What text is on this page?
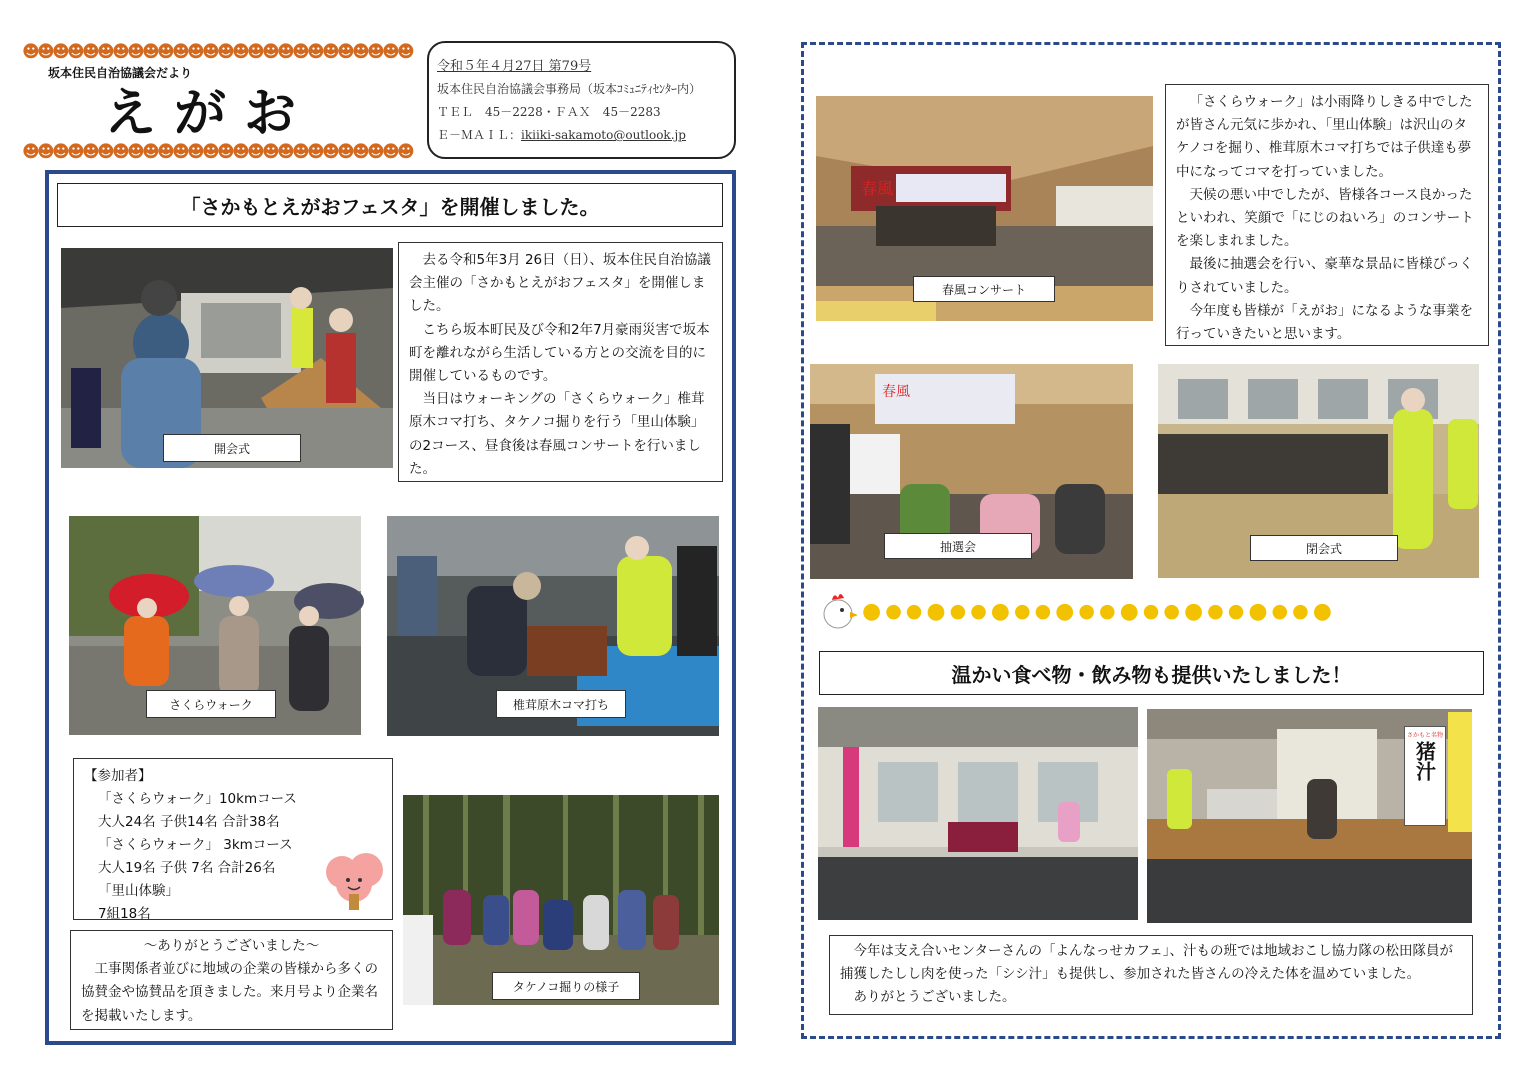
☻
☻
☻
☻
☻
☻
☻
☻
☻
☻
☻
☻
☻
☻
☻
☻
☻
☻
☻
☻
☻
☻
☻
☻
☻
☻
坂本住民自治協議会だより
えがお
☻
☻
☻
☻
☻
☻
☻
☻
☻
☻
☻
☻
☻
☻
☻
☻
☻
☻
☻
☻
☻
☻
☻
☻
☻
☻
令和５年４月27日 第79号
坂本住民自治協議会事務局（坂本ｺﾐｭﾆﾃｨｾﾝﾀｰ内）
ＴＥＬ　45－2228・ＦＡＸ　45－2283
Ｅ－ＭＡＩＬ：ikiiki-sakamoto@outlook.jp
「さかもとえがおフェスタ」を開催しました。
開会式

去る令和5年3月 26日（日）、坂本住民自治協議会主催の「さかもとえがおフェスタ」を開催しました。

こちら坂本町民及び令和2年7月豪雨災害で坂本町を離れながら生活している方との交流を目的に開催しているものです。

当日はウォーキングの「さくらウォーク」椎茸原木コマ打ち、タケノコ掘りを行う「里山体験」の2コース、昼食後は春風コンサートを行いました。

さくらウォーク	椎茸原木コマ打ち
【参加者】
「さくらウォーク」10kmコース
大人24名 子供14名 合計38名
「さくらウォーク」 3kmコース
大人19名 子供 7名 合計26名
「里山体験」
7組18名
～ありがとうございました～

工事関係者並びに地域の企業の皆様から多くの協賛金や協賛品を頂きました。来月号より企業名を掲載いたします。

タケノコ掘りの様子
春風
春風コンサート

「さくらウォーク」は小雨降りしきる中でしたが皆さん元気に歩かれ、「里山体験」は沢山のタケノコを掘り、椎茸原木コマ打ちでは子供達も夢中になってコマを打っていました。

天候の悪い中でしたが、皆様各コース良かったといわれ、笑顔で「にじのねいろ」のコンサートを楽しまれました。

最後に抽選会を行い、豪華な景品に皆様びっくりされていました。

今年度も皆様が「えがお」になるような事業を行っていきたいと思います。

春風
抽選会	閉会式
● ● ● ● ● ● ● ● ● ● ● ● ● ● ● ● ● ● ● ● ● ●
温かい食べ物・飲み物も提供いたしました！
さかもと名物
猪汁

今年は支え合いセンターさんの「よんなっせカフェ」、汁もの班では地域おこし協力隊の松田隊員が捕獲したしし肉を使った「シシ汁」も提供し、参加された皆さんの冷えた体を温めていました。

ありがとうございました。
